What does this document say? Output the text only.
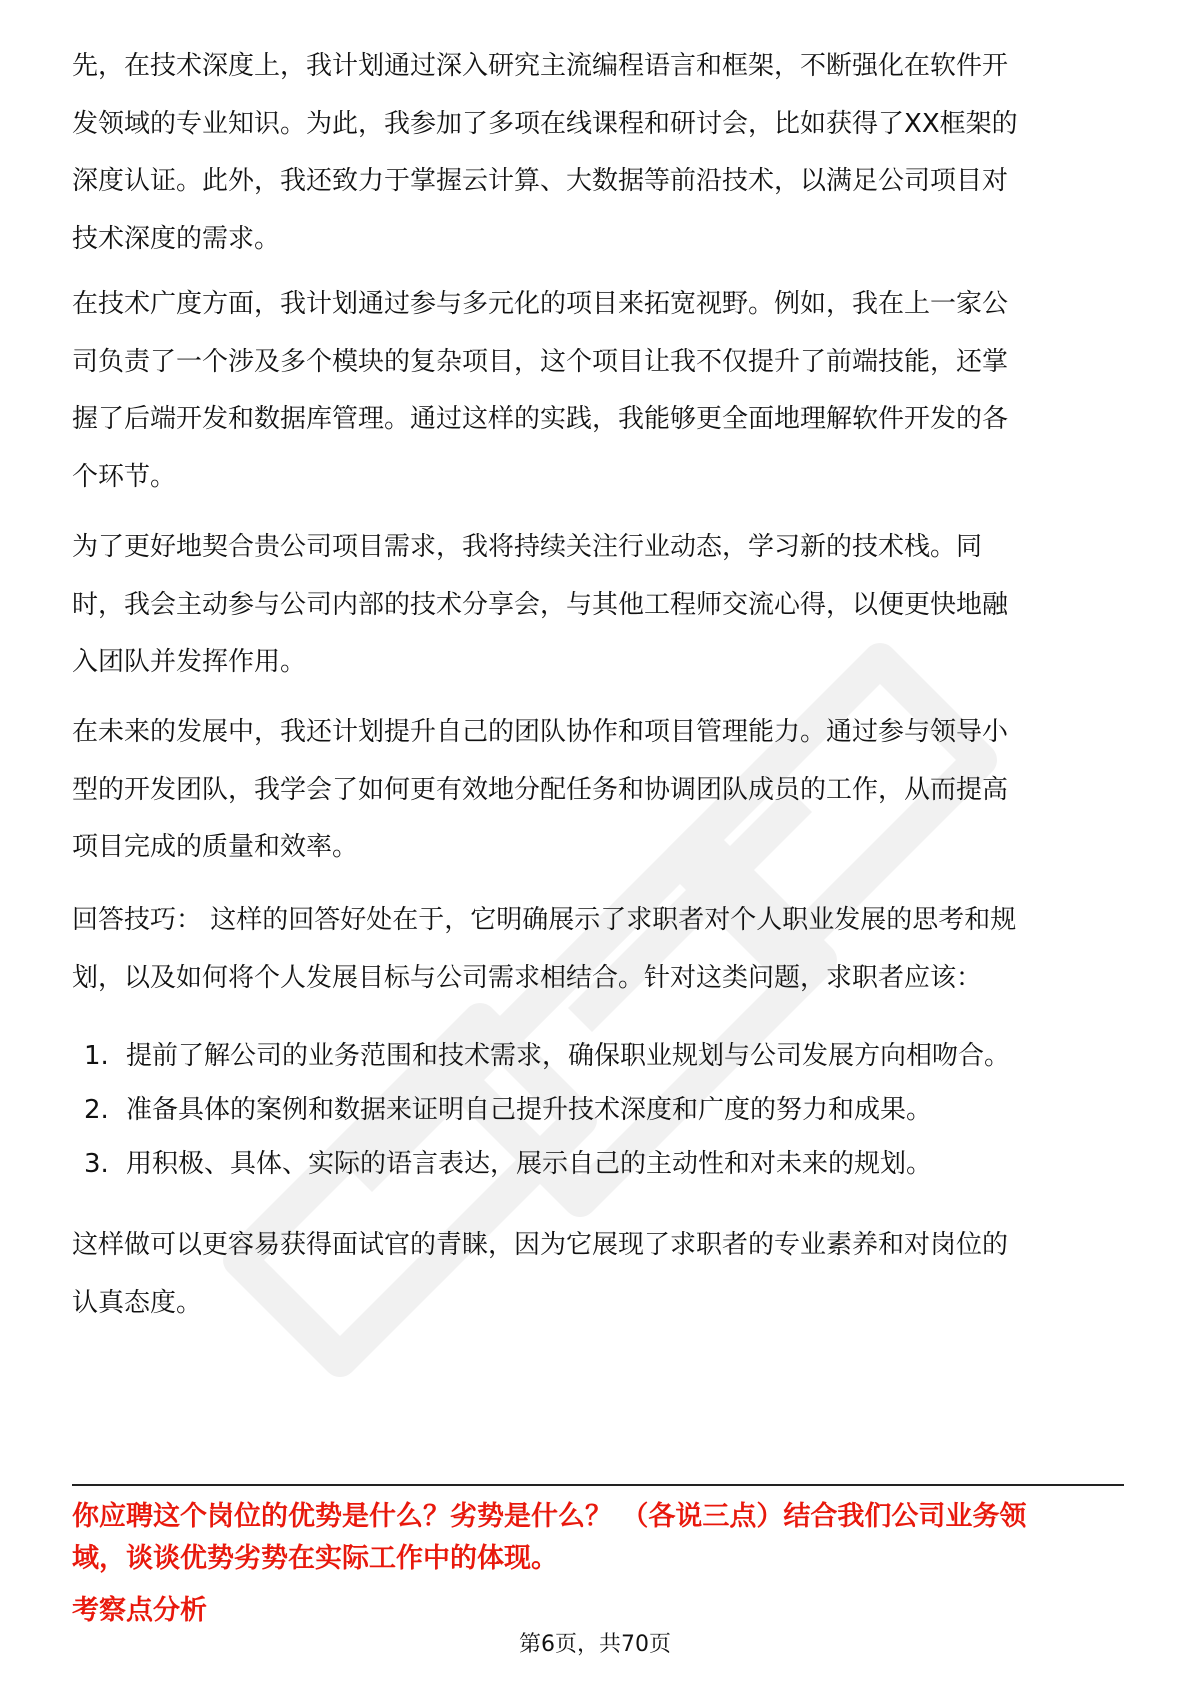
先，在技术深度上，我计划通过深入研究主流编程语言和框架，不断强化在软件开
发领域的专业知识。为此，我参加了多项在线课程和研讨会，比如获得了XX框架的
深度认证。此外，我还致力于掌握云计算、大数据等前沿技术，以满足公司项目对
技术深度的需求。

在技术广度方面，我计划通过参与多元化的项目来拓宽视野。例如，我在上一家公
司负责了一个涉及多个模块的复杂项目，这个项目让我不仅提升了前端技能，还掌
握了后端开发和数据库管理。通过这样的实践，我能够更全面地理解软件开发的各
个环节。

为了更好地契合贵公司项目需求，我将持续关注行业动态，学习新的技术栈。同
时，我会主动参与公司内部的技术分享会，与其他工程师交流心得，以便更快地融
入团队并发挥作用。

在未来的发展中，我还计划提升自己的团队协作和项目管理能力。通过参与领导小
型的开发团队，我学会了如何更有效地分配任务和协调团队成员的工作，从而提高
项目完成的质量和效率。

回答技巧： 这样的回答好处在于，它明确展示了求职者对个人职业发展的思考和规
划，以及如何将个人发展目标与公司需求相结合。针对这类问题，求职者应该：

1. 提前了解公司的业务范围和技术需求，确保职业规划与公司发展方向相吻合。
2. 准备具体的案例和数据来证明自己提升技术深度和广度的努力和成果。
3. 用积极、具体、实际的语言表达，展示自己的主动性和对未来的规划。

这样做可以更容易获得面试官的青睐，因为它展现了求职者的专业素养和对岗位的
认真态度。

你应聘这个岗位的优势是什么？劣势是什么？ （各说三点）结合我们公司业务领
域，谈谈优势劣势在实际工作中的体现。
考察点分析
第6页，共70页
